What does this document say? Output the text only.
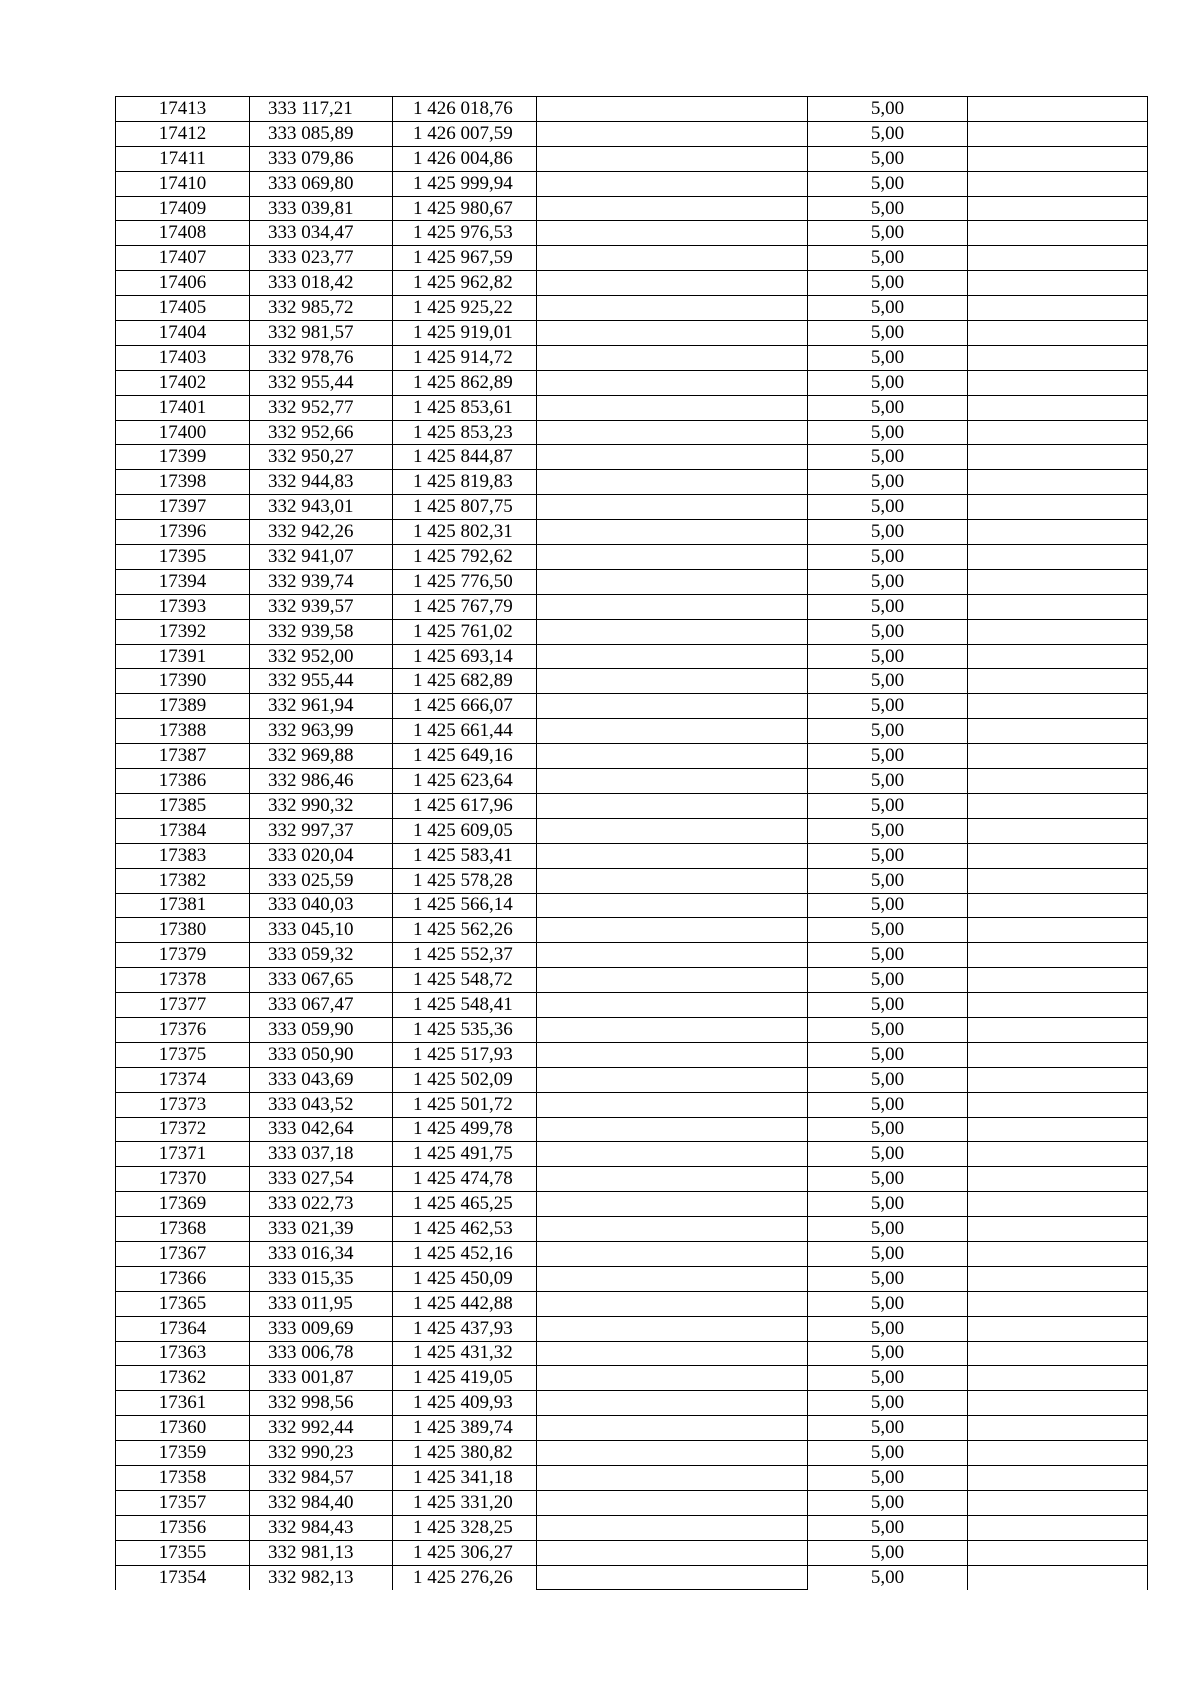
17413	333 117,21	1 426 018,76		5,00	
17412	333 085,89	1 426 007,59		5,00	
17411	333 079,86	1 426 004,86		5,00	
17410	333 069,80	1 425 999,94		5,00	
17409	333 039,81	1 425 980,67		5,00	
17408	333 034,47	1 425 976,53		5,00	
17407	333 023,77	1 425 967,59		5,00	
17406	333 018,42	1 425 962,82		5,00	
17405	332 985,72	1 425 925,22		5,00	
17404	332 981,57	1 425 919,01		5,00	
17403	332 978,76	1 425 914,72		5,00	
17402	332 955,44	1 425 862,89		5,00	
17401	332 952,77	1 425 853,61		5,00	
17400	332 952,66	1 425 853,23		5,00	
17399	332 950,27	1 425 844,87		5,00	
17398	332 944,83	1 425 819,83		5,00	
17397	332 943,01	1 425 807,75		5,00	
17396	332 942,26	1 425 802,31		5,00	
17395	332 941,07	1 425 792,62		5,00	
17394	332 939,74	1 425 776,50		5,00	
17393	332 939,57	1 425 767,79		5,00	
17392	332 939,58	1 425 761,02		5,00	
17391	332 952,00	1 425 693,14		5,00	
17390	332 955,44	1 425 682,89		5,00	
17389	332 961,94	1 425 666,07		5,00	
17388	332 963,99	1 425 661,44		5,00	
17387	332 969,88	1 425 649,16		5,00	
17386	332 986,46	1 425 623,64		5,00	
17385	332 990,32	1 425 617,96		5,00	
17384	332 997,37	1 425 609,05		5,00	
17383	333 020,04	1 425 583,41		5,00	
17382	333 025,59	1 425 578,28		5,00	
17381	333 040,03	1 425 566,14		5,00	
17380	333 045,10	1 425 562,26		5,00	
17379	333 059,32	1 425 552,37		5,00	
17378	333 067,65	1 425 548,72		5,00	
17377	333 067,47	1 425 548,41		5,00	
17376	333 059,90	1 425 535,36		5,00	
17375	333 050,90	1 425 517,93		5,00	
17374	333 043,69	1 425 502,09		5,00	
17373	333 043,52	1 425 501,72		5,00	
17372	333 042,64	1 425 499,78		5,00	
17371	333 037,18	1 425 491,75		5,00	
17370	333 027,54	1 425 474,78		5,00	
17369	333 022,73	1 425 465,25		5,00	
17368	333 021,39	1 425 462,53		5,00	
17367	333 016,34	1 425 452,16		5,00	
17366	333 015,35	1 425 450,09		5,00	
17365	333 011,95	1 425 442,88		5,00	
17364	333 009,69	1 425 437,93		5,00	
17363	333 006,78	1 425 431,32		5,00	
17362	333 001,87	1 425 419,05		5,00	
17361	332 998,56	1 425 409,93		5,00	
17360	332 992,44	1 425 389,74		5,00	
17359	332 990,23	1 425 380,82		5,00	
17358	332 984,57	1 425 341,18		5,00	
17357	332 984,40	1 425 331,20		5,00	
17356	332 984,43	1 425 328,25		5,00	
17355	332 981,13	1 425 306,27		5,00	
17354	332 982,13	1 425 276,26		5,00	
